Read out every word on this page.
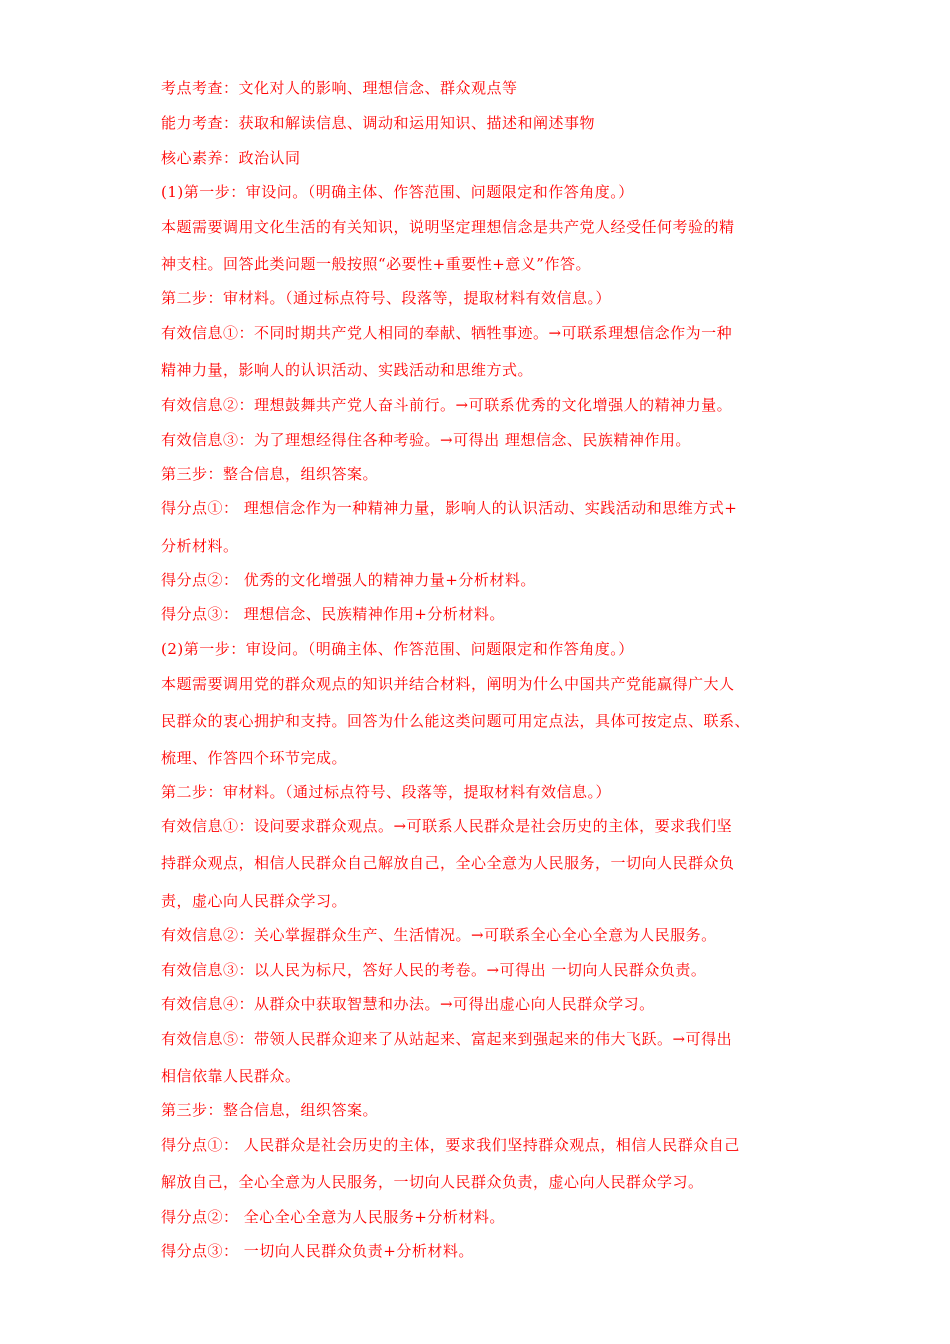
考点考查：文化对人的影响、理想信念、群众观点等
能力考查：获取和解读信息、调动和运用知识、描述和阐述事物
核心素养：政治认同
(1)第一步：审设问。（明确主体、作答范围、问题限定和作答角度。）
本题需要调用文化生活的有关知识，说明坚定理想信念是共产党人经受任何考验的精
神支柱。回答此类问题一般按照“必要性+重要性+意义”作答。
第二步：审材料。（通过标点符号、段落等，提取材料有效信息。）
有效信息①：不同时期共产党人相同的奉献、牺牲事迹。→可联系理想信念作为一种
精神力量，影响人的认识活动、实践活动和思维方式。
有效信息②：理想鼓舞共产党人奋斗前行。→可联系优秀的文化增强人的精神力量。
有效信息③：为了理想经得住各种考验。→可得出 理想信念、民族精神作用。
第三步：整合信息，组织答案。
得分点①： 理想信念作为一种精神力量，影响人的认识活动、实践活动和思维方式+
分析材料。
得分点②： 优秀的文化增强人的精神力量+分析材料。
得分点③： 理想信念、民族精神作用+分析材料。
(2)第一步：审设问。（明确主体、作答范围、问题限定和作答角度。）
本题需要调用党的群众观点的知识并结合材料，阐明为什么中国共产党能赢得广大人
民群众的衷心拥护和支持。回答为什么能这类问题可用定点法，具体可按定点、联系、
梳理、作答四个环节完成。
第二步：审材料。（通过标点符号、段落等，提取材料有效信息。）
有效信息①：设问要求群众观点。→可联系人民群众是社会历史的主体，要求我们坚
持群众观点，相信人民群众自己解放自己，全心全意为人民服务，一切向人民群众负
责，虚心向人民群众学习。
有效信息②：关心掌握群众生产、生活情况。→可联系全心全心全意为人民服务。
有效信息③：以人民为标尺，答好人民的考卷。→可得出 一切向人民群众负责。
有效信息④：从群众中获取智慧和办法。→可得出虚心向人民群众学习。
有效信息⑤：带领人民群众迎来了从站起来、富起来到强起来的伟大飞跃。→可得出
相信依靠人民群众。
第三步：整合信息，组织答案。
得分点①： 人民群众是社会历史的主体，要求我们坚持群众观点，相信人民群众自己
解放自己，全心全意为人民服务，一切向人民群众负责，虚心向人民群众学习。
得分点②： 全心全心全意为人民服务+分析材料。
得分点③： 一切向人民群众负责+分析材料。
